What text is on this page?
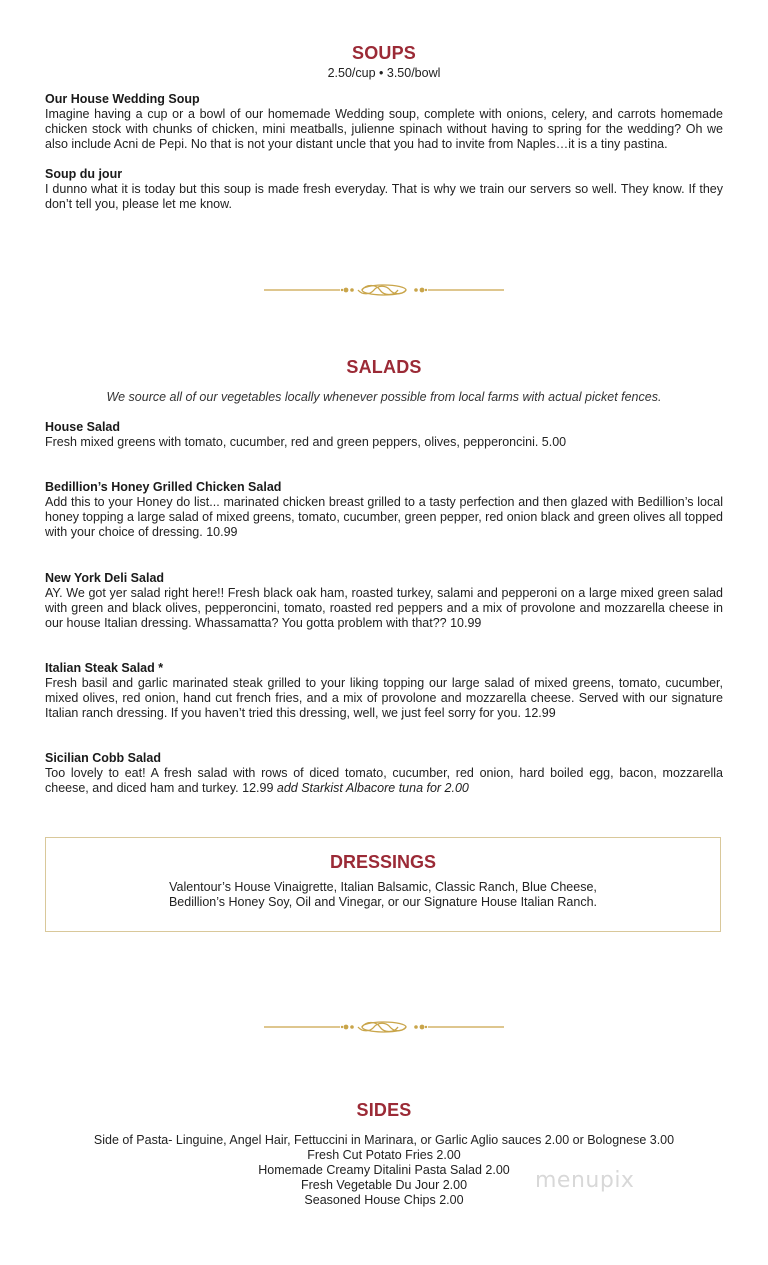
SOUPS
2.50/cup • 3.50/bowl
Our House Wedding Soup
Imagine having a cup or a bowl of our homemade Wedding soup, complete with onions, celery, and carrots homemade chicken stock with chunks of chicken, mini meatballs, julienne spinach without having to spring for the wedding? Oh we also include Acni de Pepi. No that is not your distant uncle that you had to invite from Naples…it is a tiny pastina.
Soup du jour
I dunno what it is today but this soup is made fresh everyday. That is why we train our servers so well. They know. If they don’t tell you, please let me know.
SALADS
We source all of our vegetables locally whenever possible from local farms with actual picket fences.
House Salad
Fresh mixed greens with tomato, cucumber, red and green peppers, olives, pepperoncini. 5.00
Bedillion’s Honey Grilled Chicken Salad
Add this to your Honey do list... marinated chicken breast grilled to a tasty perfection and then glazed with Bedillion’s local honey topping a large salad of mixed greens, tomato, cucumber, green pepper, red onion black and green olives all topped with your choice of dressing. 10.99
New York Deli Salad
AY. We got yer salad right here!! Fresh black oak ham, roasted turkey, salami and pepperoni on a large mixed green salad with green and black olives, pepperoncini, tomato, roasted red peppers and a mix of provolone and mozzarella cheese in our house Italian dressing. Whassamatta? You gotta problem with that?? 10.99
Italian Steak Salad *
Fresh basil and garlic marinated steak grilled to your liking topping our large salad of mixed greens, tomato, cucumber, mixed olives, red onion, hand cut french fries, and a mix of provolone and mozzarella cheese. Served with our signature Italian ranch dressing. If you haven’t tried this dressing, well, we just feel sorry for you. 12.99
Sicilian Cobb Salad
Too lovely to eat! A fresh salad with rows of diced tomato, cucumber, red onion, hard boiled egg, bacon, mozzarella cheese, and diced ham and turkey. 12.99 add Starkist Albacore tuna for 2.00
DRESSINGS
Valentour’s House Vinaigrette, Italian Balsamic, Classic Ranch, Blue Cheese,
Bedillion’s Honey Soy, Oil and Vinegar, or our Signature House Italian Ranch.
SIDES
Side of Pasta- Linguine, Angel Hair, Fettuccini in Marinara, or Garlic Aglio sauces 2.00 or Bolognese 3.00
Fresh Cut Potato Fries 2.00
Homemade Creamy Ditalini Pasta Salad 2.00
Fresh Vegetable Du Jour 2.00
Seasoned House Chips 2.00
menupix
